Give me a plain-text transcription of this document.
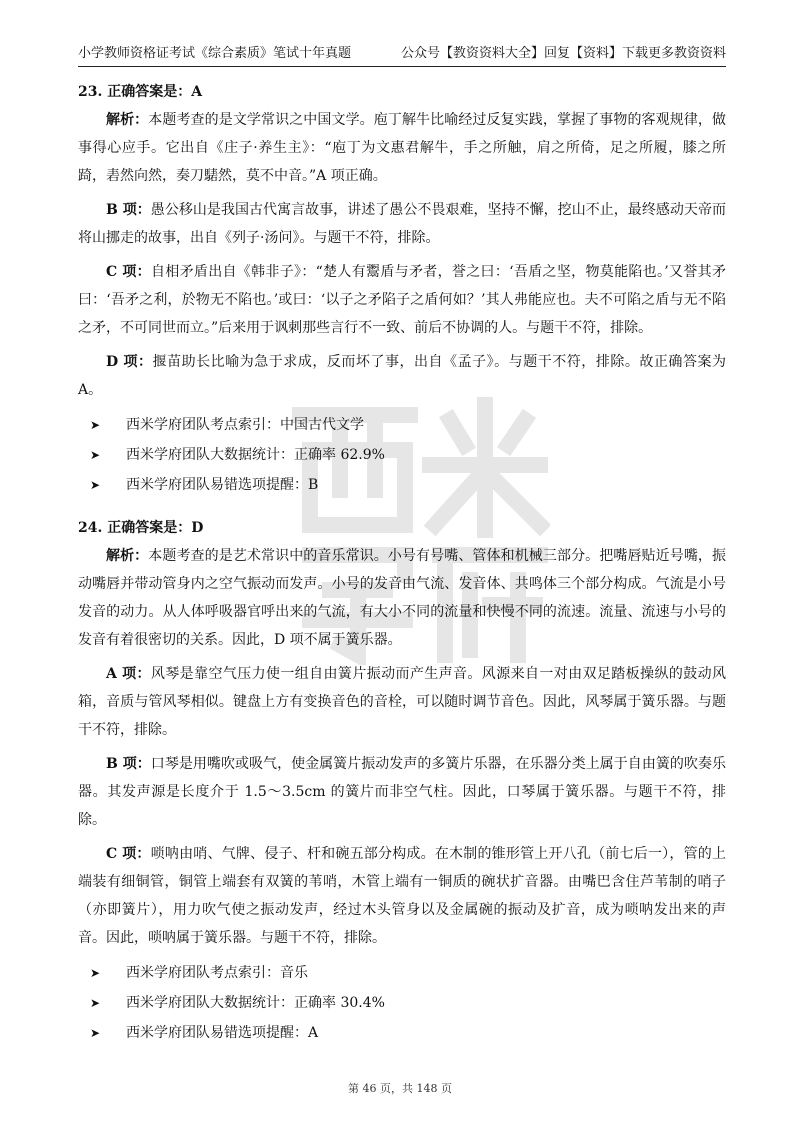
小学教师资格证考试《综合素质》笔试十年真题	公众号【教资资料大全】回复【资料】下载更多教资资料

23. 正确答案是：A

解析：本题考查的是文学常识之中国文学。庖丁解牛比喻经过反复实践，掌握了事物的客观规律，做事得心应手。它出自《庄子·养生主》：“庖丁为文惠君解牛，手之所触，肩之所倚，足之所履，膝之所踦，砉然向然，奏刀騞然，莫不中音。”A 项正确。

B 项：愚公移山是我国古代寓言故事，讲述了愚公不畏艰难，坚持不懈，挖山不止，最终感动天帝而将山挪走的故事，出自《列子·汤问》。与题干不符，排除。

C 项：自相矛盾出自《韩非子》：“楚人有鬻盾与矛者，誉之曰：‘吾盾之坚，物莫能陷也。’又誉其矛曰：‘吾矛之利，於物无不陷也。’或曰：‘以子之矛陷子之盾何如？’其人弗能应也。夫不可陷之盾与无不陷之矛，不可同世而立。”后来用于讽刺那些言行不一致、前后不协调的人。与题干不符，排除。

D 项：揠苗助长比喻为急于求成，反而坏了事，出自《孟子》。与题干不符，排除。故正确答案为 A。

➤	西米学府团队考点索引：中国古代文学
➤	西米学府团队大数据统计：正确率 62.9%
➤	西米学府团队易错选项提醒：B

24. 正确答案是：D

解析：本题考查的是艺术常识中的音乐常识。小号有号嘴、管体和机械三部分。把嘴唇贴近号嘴，振动嘴唇并带动管身内之空气振动而发声。小号的发音由气流、发音体、共鸣体三个部分构成。气流是小号发音的动力。从人体呼吸器官呼出来的气流，有大小不同的流量和快慢不同的流速。流量、流速与小号的发音有着很密切的关系。因此，D 项不属于簧乐器。

A 项：风琴是靠空气压力使一组自由簧片振动而产生声音。风源来自一对由双足踏板操纵的鼓动风箱，音质与管风琴相似。键盘上方有变换音色的音栓，可以随时调节音色。因此，风琴属于簧乐器。与题干不符，排除。

B 项：口琴是用嘴吹或吸气，使金属簧片振动发声的多簧片乐器，在乐器分类上属于自由簧的吹奏乐器。其发声源是长度介于 1.5～3.5cm 的簧片而非空气柱。因此，口琴属于簧乐器。与题干不符，排除。

C 项：唢呐由哨、气牌、侵子、杆和碗五部分构成。在木制的锥形管上开八孔（前七后一），管的上端装有细铜管，铜管上端套有双簧的苇哨，木管上端有一铜质的碗状扩音器。由嘴巴含住芦苇制的哨子（亦即簧片），用力吹气使之振动发声，经过木头管身以及金属碗的振动及扩音，成为唢呐发出来的声音。因此，唢呐属于簧乐器。与题干不符，排除。

➤	西米学府团队考点索引：音乐
➤	西米学府团队大数据统计：正确率 30.4%
➤	西米学府团队易错选项提醒：A
第 46 页，共 148 页
